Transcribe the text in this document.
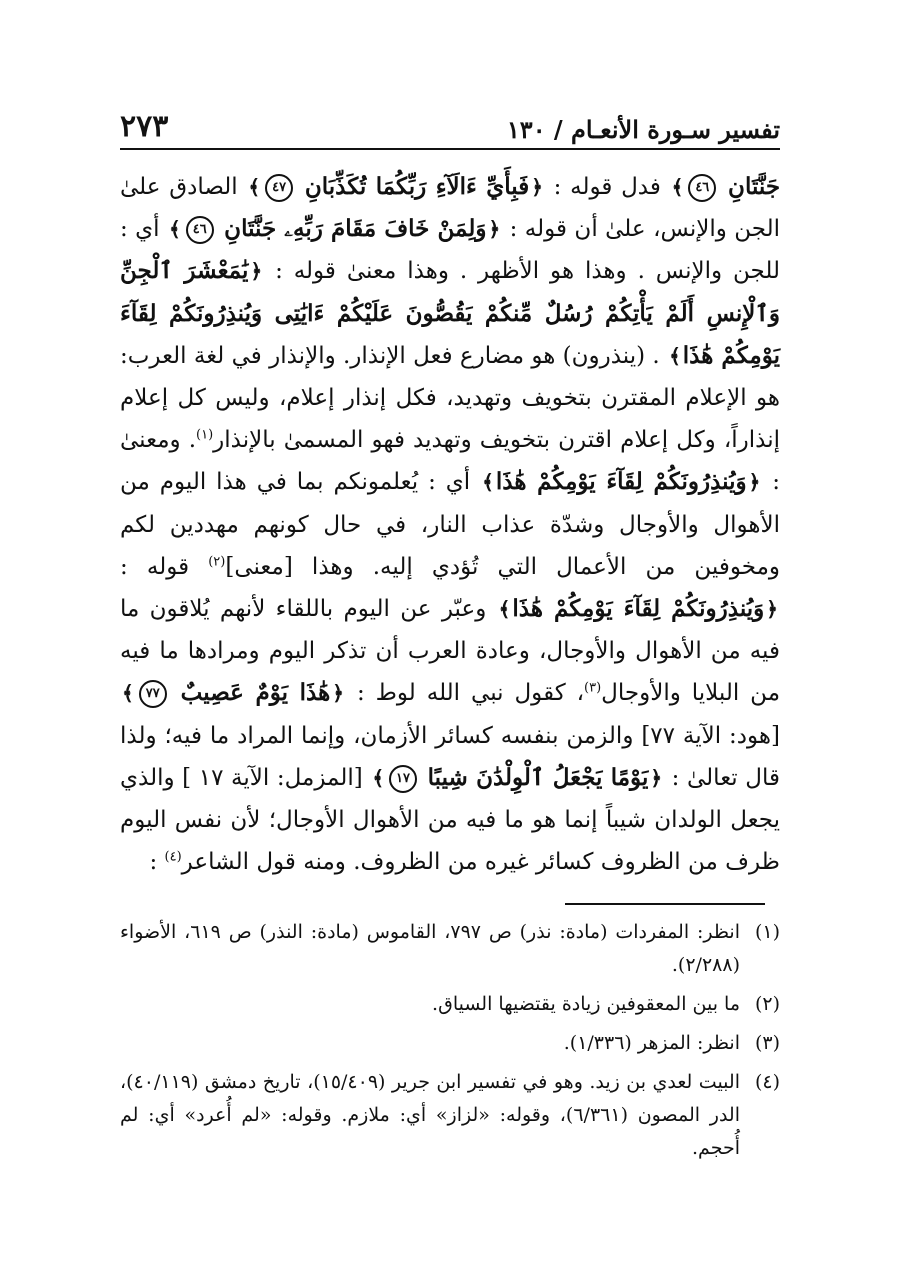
تفسير سـورة الأنعـام / ١٣٠
٢٧٣
جَنَّتَانِ ٤٦﴾ فدل قوله : ﴿فَبِأَيِّ ءَالَآءِ رَبِّكُمَا تُكَذِّبَانِ ٤٧﴾ الصادق علىٰ الجن والإنس، علىٰ أن قوله : ﴿وَلِمَنْ خَافَ مَقَامَ رَبِّهِۦ جَنَّتَانِ ٤٦﴾ أي : للجن والإنس . وهذا هو الأظهر . وهذا معنىٰ قوله : ﴿يَٰمَعْشَرَ ٱلْجِنِّ وَٱلْإِنسِ أَلَمْ يَأْتِكُمْ رُسُلٌ مِّنكُمْ يَقُصُّونَ عَلَيْكُمْ ءَايَٰتِى وَيُنذِرُونَكُمْ لِقَآءَ يَوْمِكُمْ هَٰذَا﴾ . (ينذرون) هو مضارع فعل الإنذار. والإنذار في لغة العرب: هو الإعلام المقترن بتخويف وتهديد، فكل إنذار إعلام، وليس كل إعلام إنذاراً، وكل إعلام اقترن بتخويف وتهديد فهو المسمىٰ بالإنذار$^{(١)}$. ومعنىٰ : ﴿وَيُنذِرُونَكُمْ لِقَآءَ يَوْمِكُمْ هَٰذَا﴾ أي : يُعلمونكم بما في هذا اليوم من الأهوال والأوجال وشدّة عذاب النار، في حال كونهم مهددين لكم ومخوفين من الأعمال التي تُؤدي إليه. وهذا [معنى]$^{(٢)}$ قوله : ﴿وَيُنذِرُونَكُمْ لِقَآءَ يَوْمِكُمْ هَٰذَا﴾ وعبّر عن اليوم باللقاء لأنهم يُلاقون ما فيه من الأهوال والأوجال، وعادة العرب أن تذكر اليوم ومرادها ما فيه من البلايا والأوجال$^{(٣)}$، كقول نبي الله لوط : ﴿هَٰذَا يَوْمٌ عَصِيبٌ ٧٧﴾ [هود: الآية ٧٧] والزمن بنفسه كسائر الأزمان، وإنما المراد ما فيه؛ ولذا قال تعالىٰ : ﴿يَوْمًا يَجْعَلُ ٱلْوِلْدَٰنَ شِيبًا ١٧﴾ [المزمل: الآية ١٧ ] والذي يجعل الولدان شيباً إنما هو ما فيه من الأهوال الأوجال؛ لأن نفس اليوم ظرف من الظروف كسائر غيره من الظروف. ومنه قول الشاعر$^{(٤)}$ :
(١)
انظر: المفردات (مادة: نذر) ص ٧٩٧، القاموس (مادة: النذر) ص ٦١٩، الأضواء (٢/٢٨٨).
(٢)
ما بين المعقوفين زيادة يقتضيها السياق.
(٣)
انظر: المزهر (١/٣٣٦).
(٤)
البيت لعدي بن زيد. وهو في تفسير ابن جرير (١٥/٤٠٩)، تاريخ دمشق (٤٠/١١٩)، الدر المصون (٦/٣٦١)، وقوله: «لزاز» أي: ملازم. وقوله: «لم أُعرد» أي: لم أُحجم.
